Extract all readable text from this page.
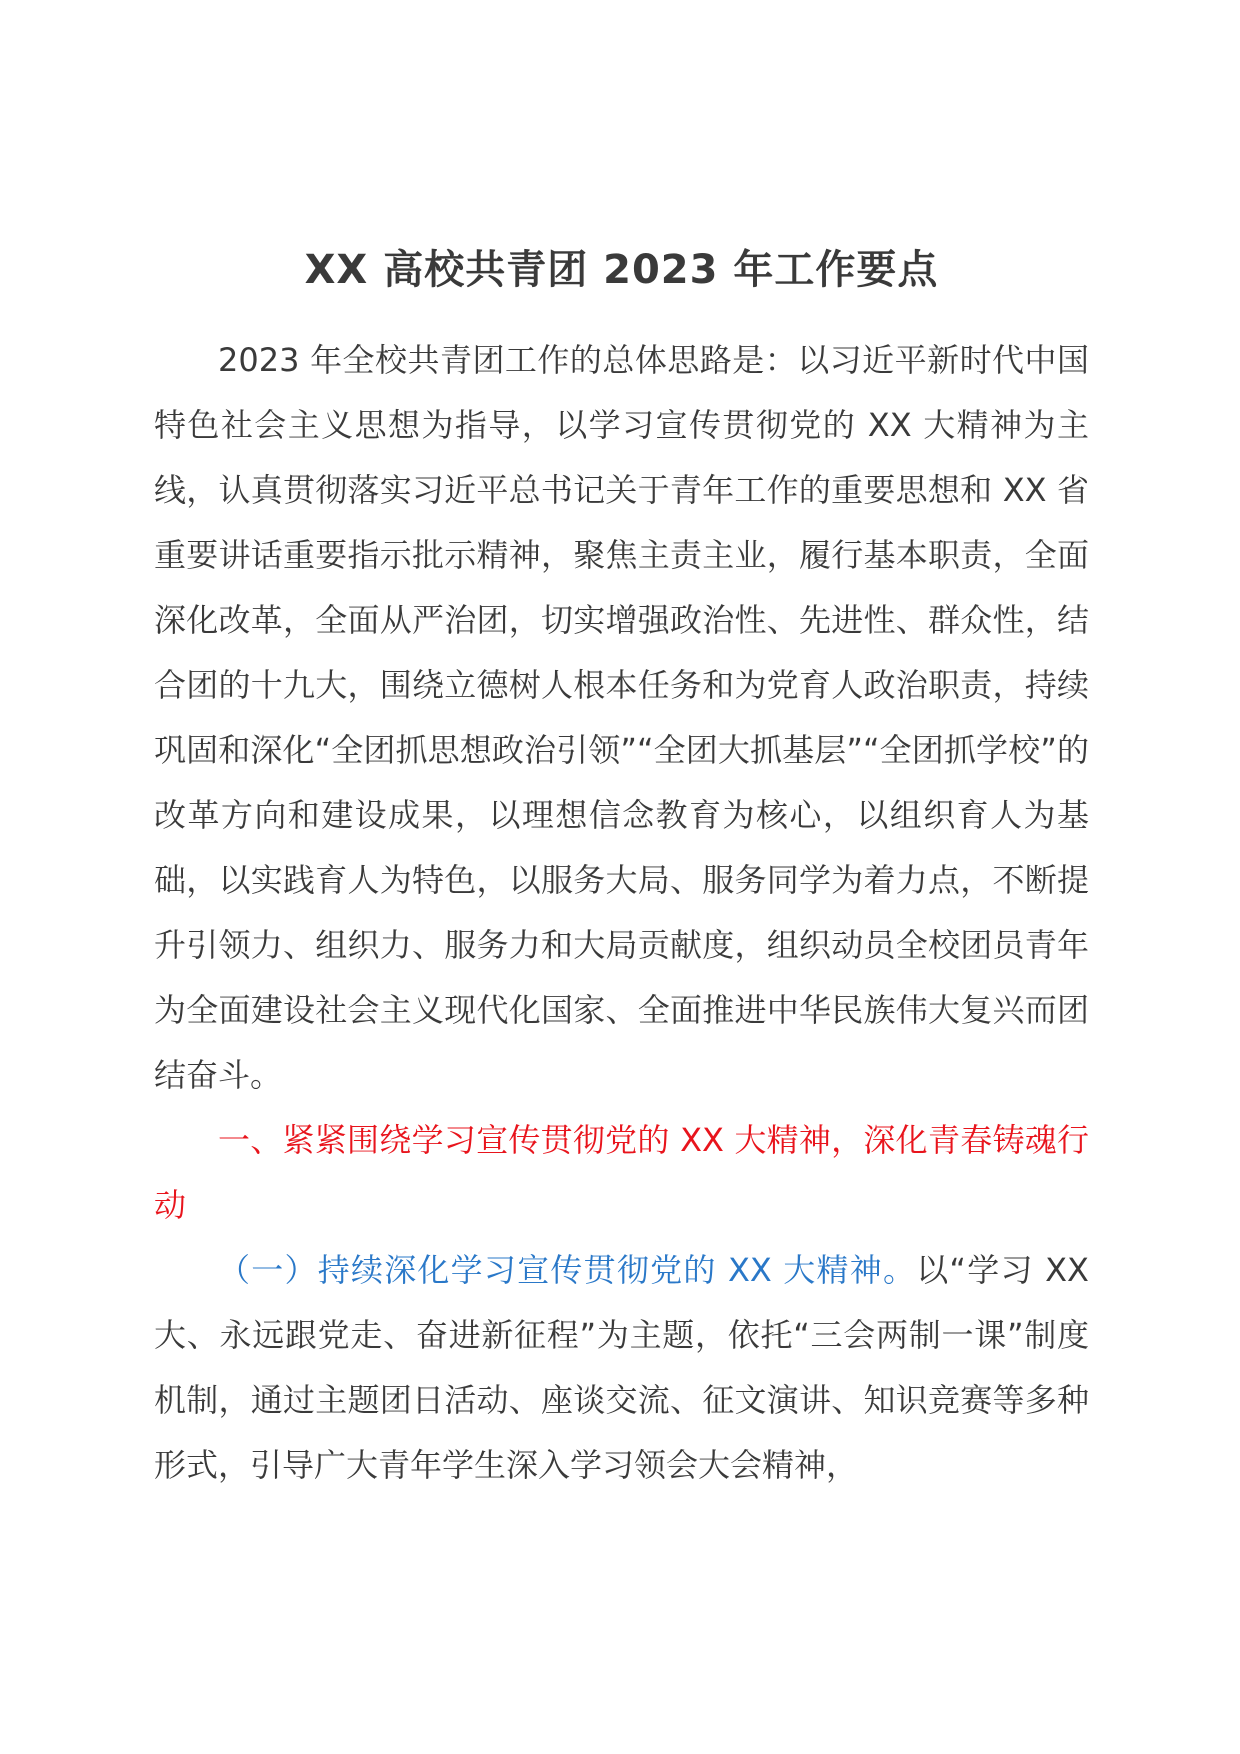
XX 高校共青团 2023 年工作要点

2023 年全校共青团工作的总体思路是：以习近平新时代中国特色社会主义思想为指导，以学习宣传贯彻党的 XX 大精神为主线，认真贯彻落实习近平总书记关于青年工作的重要思想和 XX 省重要讲话重要指示批示精神，聚焦主责主业，履行基本职责，全面深化改革，全面从严治团，切实增强政治性、先进性、群众性，结合团的十九大，围绕立德树人根本任务和为党育人政治职责，持续巩固和深化“全团抓思想政治引领”“全团大抓基层”“全团抓学校”的改革方向和建设成果，以理想信念教育为核心，以组织育人为基础，以实践育人为特色，以服务大局、服务同学为着力点，不断提升引领力、组织力、服务力和大局贡献度，组织动员全校团员青年为全面建设社会主义现代化国家、全面推进中华民族伟大复兴而团结奋斗。

一、紧紧围绕学习宣传贯彻党的 XX 大精神，深化青春铸魂行动

（一）持续深化学习宣传贯彻党的 XX 大精神。以“学习 XX 大、永远跟党走、奋进新征程”为主题，依托“三会两制一课”制度机制，通过主题团日活动、座谈交流、征文演讲、知识竞赛等多种形式，引导广大青年学生深入学习领会大会精神，
